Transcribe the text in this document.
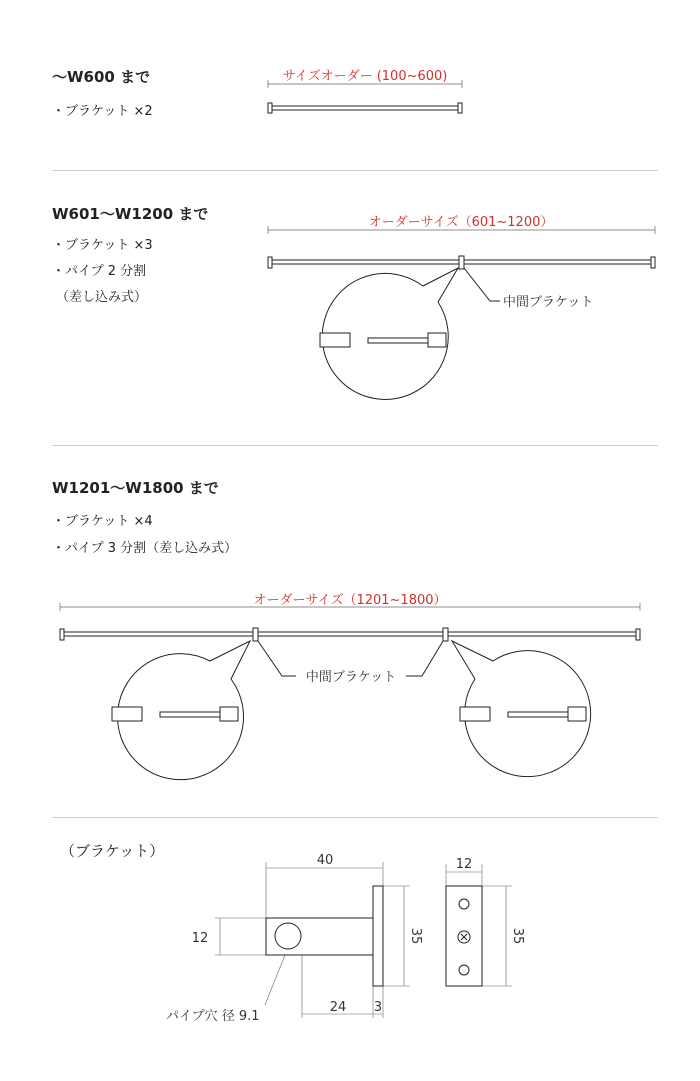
〜W600 まで
・ブラケット ×2
W601〜W1200 まで
・ブラケット ×3
・パイプ 2 分割
（差し込み式）
W1201〜W1800 まで
・ブラケット ×4
・パイプ 3 分割（差し込み式）
（ブラケット）
サイズオーダー (100~600)
オーダーサイズ（601~1200）
中間ブラケット
オーダーサイズ（1201~1800）
中間ブラケット
40
12	35
12
35
24 3
パイプ穴 径 9.1
